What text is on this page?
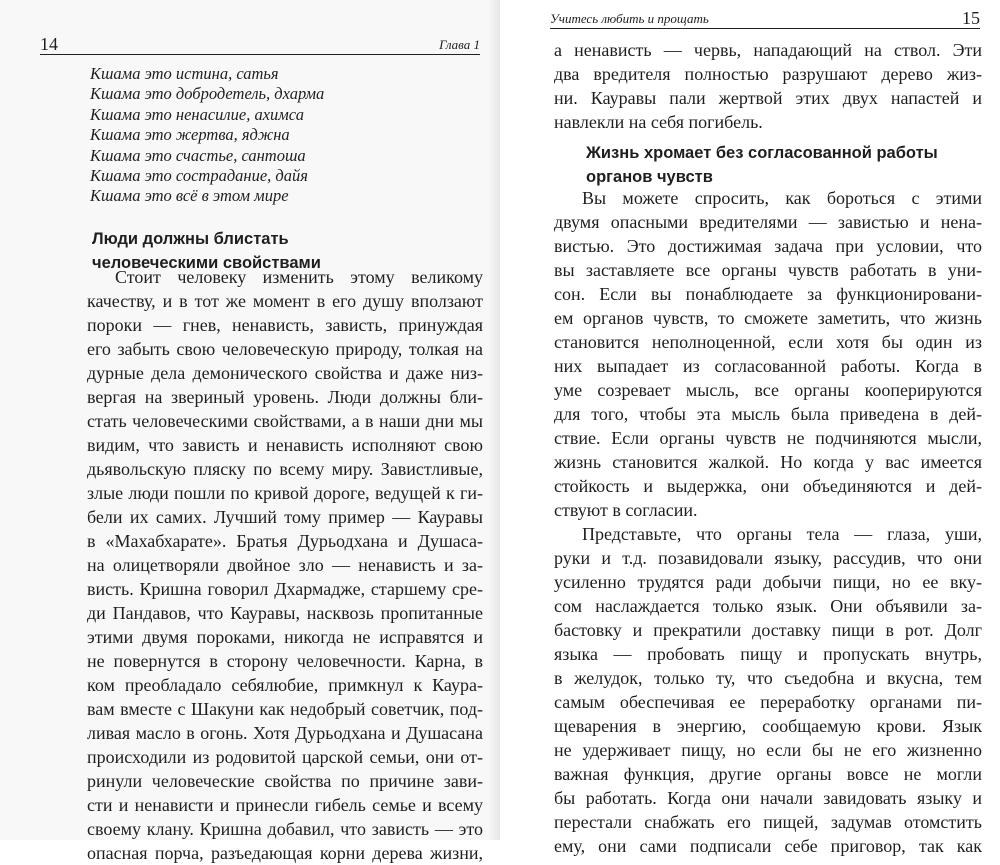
14	Глава 1
Кшама это истина, сатья
Кшама это добродетель, дхарма
Кшама это ненасилие, ахимса
Кшама это жертва, яджна
Кшама это счастье, сантоша
Кшама это сострадание, дайя
Кшама это всё в этом мире
Люди должны блистать
человеческими свойствами
Стоит человеку изменить этому великому
качеству, и в тот же момент в его душу вползают
пороки — гнев, ненависть, зависть, принуждая
его забыть свою человеческую природу, толкая на
дурные дела демонического свойства и даже низ-
вергая на звериный уровень. Люди должны бли-
стать человеческими свойствами, а в наши дни мы
видим, что зависть и ненависть исполняют свою
дьявольскую пляску по всему миру. Завистливые,
злые люди пошли по кривой дороге, ведущей к ги-
бели их самих. Лучший тому пример — Кауравы
в «Махабхарате». Братья Дурьодхана и Душаса-
на олицетворяли двойное зло — ненависть и за-
висть. Кришна говорил Дхармадже, старшему сре-
ди Пандавов, что Кауравы, насквозь пропитанные
этими двумя пороками, никогда не исправятся и
не повернутся в сторону человечности. Карна, в
ком преобладало себялюбие, примкнул к Каура-
вам вместе с Шакуни как недобрый советчик, под-
ливая масло в огонь. Хотя Дурьодхана и Душасана
происходили из родовитой царской семьи, они от-
ринули человеческие свойства по причине зави-
сти и ненависти и принесли гибель семье и всему
своему клану. Кришна добавил, что зависть — это
опасная порча, разъедающая корни дерева жизни,
Учитесь любить и прощать	15
а ненависть — червь, нападающий на ствол. Эти
два вредителя полностью разрушают дерево жиз-
ни. Кауравы пали жертвой этих двух напастей и
навлекли на себя погибель.
Жизнь хромает без согласованной работы
органов чувств
Вы можете спросить, как бороться с этими
двумя опасными вредителями — завистью и нена-
вистью. Это достижимая задача при условии, что
вы заставляете все органы чувств работать в уни-
сон. Если вы понаблюдаете за функционировани-
ем органов чувств, то сможете заметить, что жизнь
становится неполноценной, если хотя бы один из
них выпадает из согласованной работы. Когда в
уме созревает мысль, все органы кооперируются
для того, чтобы эта мысль была приведена в дей-
ствие. Если органы чувств не подчиняются мысли,
жизнь становится жалкой. Но когда у вас имеется
стойкость и выдержка, они объединяются и дей-
ствуют в согласии.
Представьте, что органы тела — глаза, уши,
руки и т.д. позавидовали языку, рассудив, что они
усиленно трудятся ради добычи пищи, но ее вку-
сом наслаждается только язык. Они объявили за-
бастовку и прекратили доставку пищи в рот. Долг
языка — пробовать пищу и пропускать внутрь,
в желудок, только ту, что съедобна и вкусна, тем
самым обеспечивая ее переработку органами пи-
щеварения в энергию, сообщаемую крови. Язык
не удерживает пищу, но если бы не его жизненно
важная функция, другие органы вовсе не могли
бы работать. Когда они начали завидовать языку и
перестали снабжать его пищей, задумав отомстить
ему, они сами подписали себе приговор, так как
